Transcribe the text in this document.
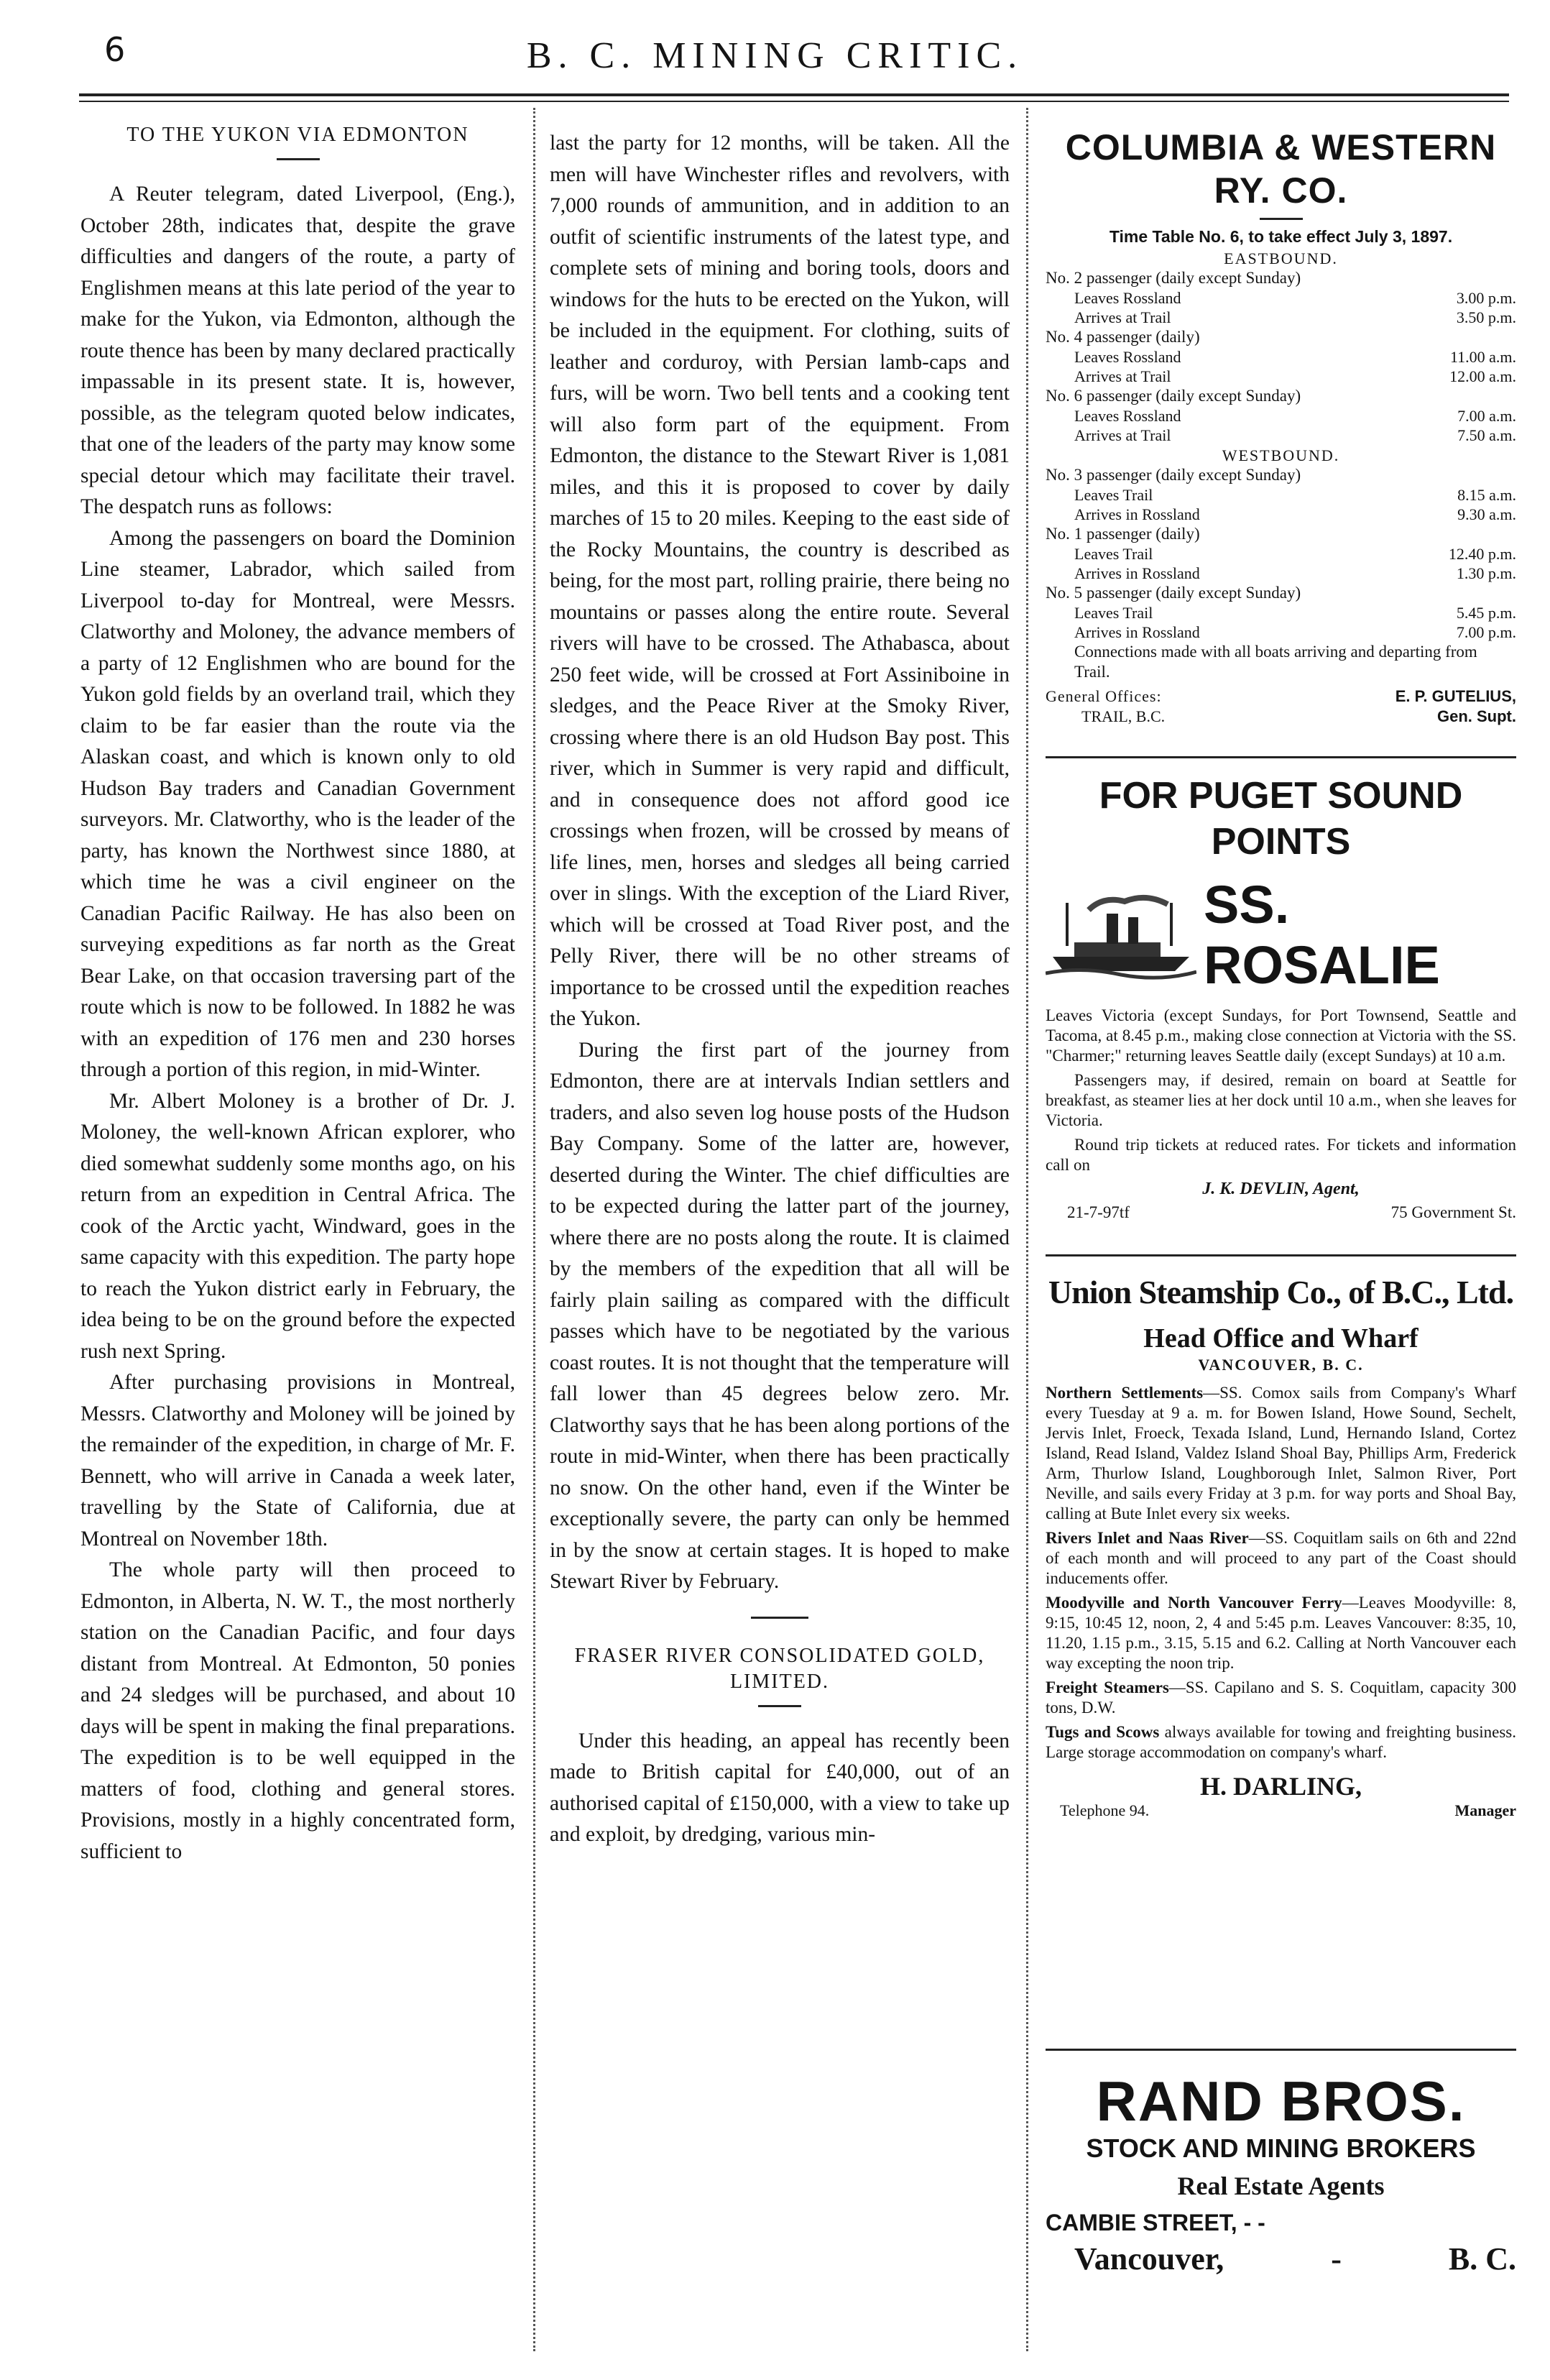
6	B. C. MINING CRITIC.

TO THE YUKON VIA EDMONTON

A Reuter telegram, dated Liverpool, (Eng.), October 28th, indicates that, despite the grave difficulties and dangers of the route, a party of Englishmen means at this late period of the year to make for the Yukon, via Edmonton, although the route thence has been by many declared practically impassable in its present state. It is, however, possible, as the telegram quoted below indicates, that one of the leaders of the party may know some special detour which may facilitate their travel. The despatch runs as follows:

Among the passengers on board the Dominion Line steamer, Labrador, which sailed from Liverpool to-day for Montreal, were Messrs. Clatworthy and Moloney, the advance members of a party of 12 Englishmen who are bound for the Yukon gold fields by an overland trail, which they claim to be far easier than the route via the Alaskan coast, and which is known only to old Hudson Bay traders and Canadian Government surveyors. Mr. Clatworthy, who is the leader of the party, has known the Northwest since 1880, at which time he was a civil engineer on the Canadian Pacific Railway. He has also been on surveying expeditions as far north as the Great Bear Lake, on that occasion traversing part of the route which is now to be followed. In 1882 he was with an expedition of 176 men and 230 horses through a portion of this region, in mid-Winter.

Mr. Albert Moloney is a brother of Dr. J. Moloney, the well-known African explorer, who died somewhat suddenly some months ago, on his return from an expedition in Central Africa. The cook of the Arctic yacht, Windward, goes in the same capacity with this expedition. The party hope to reach the Yukon district early in February, the idea being to be on the ground before the expected rush next Spring.

After purchasing provisions in Montreal, Messrs. Clatworthy and Moloney will be joined by the remainder of the expedition, in charge of Mr. F. Bennett, who will arrive in Canada a week later, travelling by the State of California, due at Montreal on November 18th.

The whole party will then proceed to Edmonton, in Alberta, N. W. T., the most northerly station on the Canadian Pacific, and four days distant from Montreal. At Edmonton, 50 ponies and 24 sledges will be purchased, and about 10 days will be spent in making the final preparations. The expedition is to be well equipped in the matters of food, clothing and general stores. Provisions, mostly in a highly concentrated form, sufficient to

last the party for 12 months, will be taken. All the men will have Winchester rifles and revolvers, with 7,000 rounds of ammunition, and in addition to an outfit of scientific instruments of the latest type, and complete sets of mining and boring tools, doors and windows for the huts to be erected on the Yukon, will be included in the equipment. For clothing, suits of leather and corduroy, with Persian lamb-caps and furs, will be worn. Two bell tents and a cooking tent will also form part of the equipment. From Edmonton, the distance to the Stewart River is 1,081 miles, and this it is proposed to cover by daily marches of 15 to 20 miles. Keeping to the east side of the Rocky Mountains, the country is described as being, for the most part, rolling prairie, there being no mountains or passes along the entire route. Several rivers will have to be crossed. The Athabasca, about 250 feet wide, will be crossed at Fort Assiniboine in sledges, and the Peace River at the Smoky River, crossing where there is an old Hudson Bay post. This river, which in Summer is very rapid and difficult, and in consequence does not afford good ice crossings when frozen, will be crossed by means of life lines, men, horses and sledges all being carried over in slings. With the exception of the Liard River, which will be crossed at Toad River post, and the Pelly River, there will be no other streams of importance to be crossed until the expedition reaches the Yukon.

During the first part of the journey from Edmonton, there are at intervals Indian settlers and traders, and also seven log house posts of the Hudson Bay Company. Some of the latter are, however, deserted during the Winter. The chief difficulties are to be expected during the latter part of the journey, where there are no posts along the route. It is claimed by the members of the expedition that all will be fairly plain sailing as compared with the difficult passes which have to be negotiated by the various coast routes. It is not thought that the temperature will fall lower than 45 degrees below zero. Mr. Clatworthy says that he has been along portions of the route in mid-Winter, when there has been practically no snow. On the other hand, even if the Winter be exceptionally severe, the party can only be hemmed in by the snow at certain stages. It is hoped to make Stewart River by February.

FRASER RIVER CONSOLIDATED GOLD, LIMITED.

Under this heading, an appeal has recently been made to British capital for £40,000, out of an authorised capital of £150,000, with a view to take up and exploit, by dredging, various min-

COLUMBIA & WESTERN RY. CO.
Time Table No. 6, to take effect July 3, 1897.
EASTBOUND.
No. 2 passenger (daily except Sunday)
Leaves Rossland	3.00 p.m.
Arrives at Trail	3.50 p.m.
No. 4 passenger (daily)
Leaves Rossland	11.00 a.m.
Arrives at Trail	12.00 a.m.
No. 6 passenger (daily except Sunday)
Leaves Rossland	7.00 a.m.
Arrives at Trail	7.50 a.m.
WESTBOUND.
No. 3 passenger (daily except Sunday)
Leaves Trail	8.15 a.m.
Arrives in Rossland	9.30 a.m.
No. 1 passenger (daily)
Leaves Trail	12.40 p.m.
Arrives in Rossland	1.30 p.m.
No. 5 passenger (daily except Sunday)
Leaves Trail	5.45 p.m.
Arrives in Rossland	7.00 p.m.
Connections made with all boats arriving and departing from Trail.
General Offices:
TRAIL, B.C.
E. P. GUTELIUS,
Gen. Supt.
FOR PUGET SOUND POINTS
SS. ROSALIE
Leaves Victoria (except Sundays, for Port Townsend, Seattle and Tacoma, at 8.45 p.m., making close connection at Victoria with the SS. "Charmer;" returning leaves Seattle daily (except Sundays) at 10 a.m.
Passengers may, if desired, remain on board at Seattle for breakfast, as steamer lies at her dock until 10 a.m., when she leaves for Victoria.
Round trip tickets at reduced rates. For tickets and information call on
J. K. DEVLIN, Agent,
21-7-97tf	75 Government St.
Union Steamship Co., of B.C., Ltd.
Head Office and Wharf
VANCOUVER, B. C.
Northern Settlements—SS. Comox sails from Company's Wharf every Tuesday at 9 a. m. for Bowen Island, Howe Sound, Sechelt, Jervis Inlet, Froeck, Texada Island, Lund, Hernando Island, Cortez Island, Read Island, Valdez Island Shoal Bay, Phillips Arm, Frederick Arm, Thurlow Island, Loughborough Inlet, Salmon River, Port Neville, and sails every Friday at 3 p.m. for way ports and Shoal Bay, calling at Bute Inlet every six weeks.
Rivers Inlet and Naas River—SS. Coquitlam sails on 6th and 22nd of each month and will proceed to any part of the Coast should inducements offer.
Moodyville and North Vancouver Ferry—Leaves Moodyville: 8, 9:15, 10:45 12, noon, 2, 4 and 5:45 p.m. Leaves Vancouver: 8:35, 10, 11.20, 1.15 p.m., 3.15, 5.15 and 6.2. Calling at North Vancouver each way excepting the noon trip.
Freight Steamers—SS. Capilano and S. S. Coquitlam, capacity 300 tons, D.W.
Tugs and Scows always available for towing and freighting business. Large storage accommodation on company's wharf.
H. DARLING,
Telephone 94.	Manager
RAND BROS.
STOCK AND MINING BROKERS
Real Estate Agents
CAMBIE STREET, - -
Vancouver,	-	B. C.
